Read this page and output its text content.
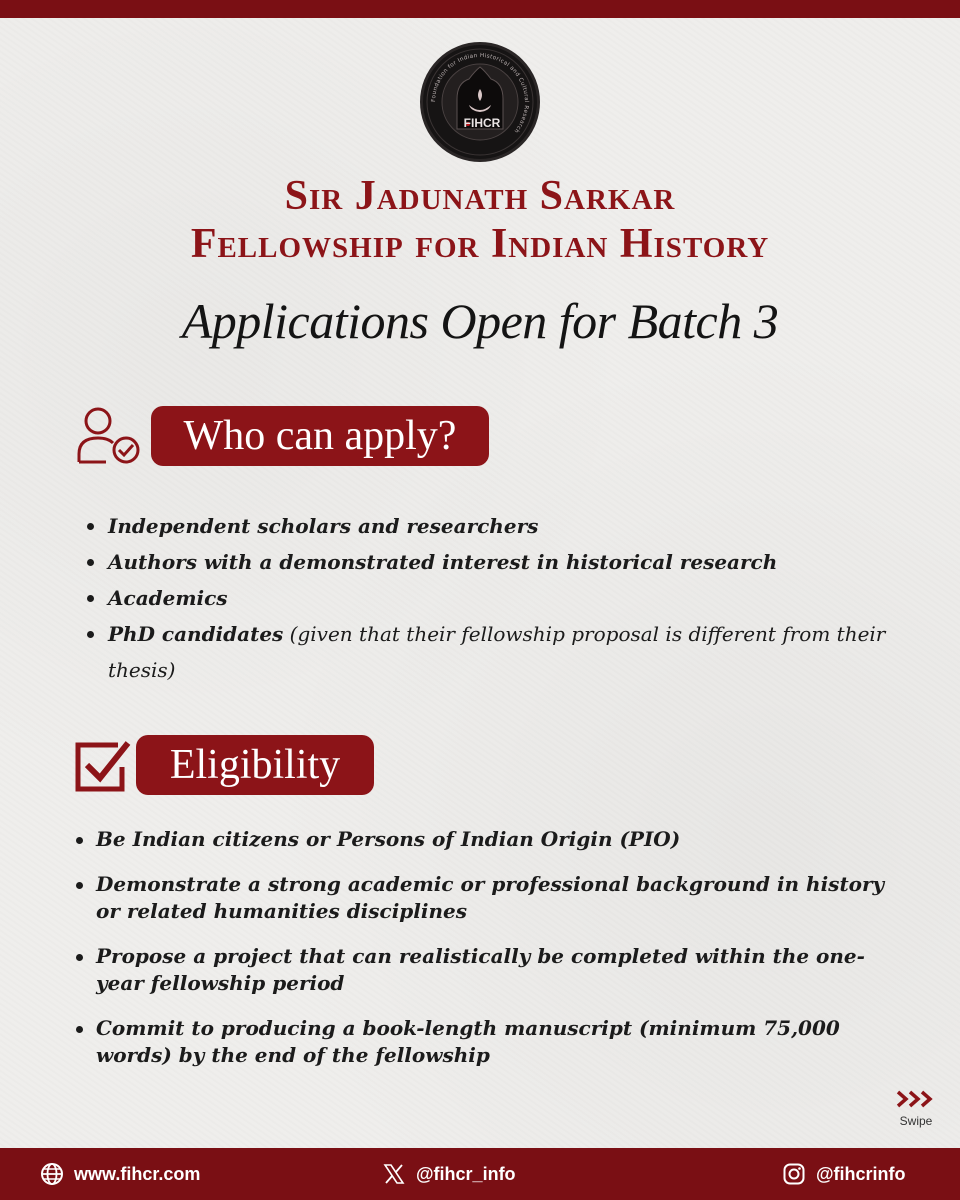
Foundation for Indian Historical and Cultural Research
FIHCR
Sir Jadunath Sarkar
Fellowship for Indian History
Applications Open for Batch 3
Who can apply?
Independent scholars and researchers
Authors with a demonstrated interest in historical research
Academics
PhD candidates (given that their fellowship proposal is different from their thesis)
Eligibility
Be Indian citizens or Persons of Indian Origin (PIO)
Demonstrate a strong academic or professional background in history or related humanities disciplines
Propose a project that can realistically be completed within the one-year fellowship period
Commit to producing a book-length manuscript (minimum 75,000 words) by the end of the fellowship
Swipe
www.fihcr.com	@fihcr_info	@fihcrinfo
